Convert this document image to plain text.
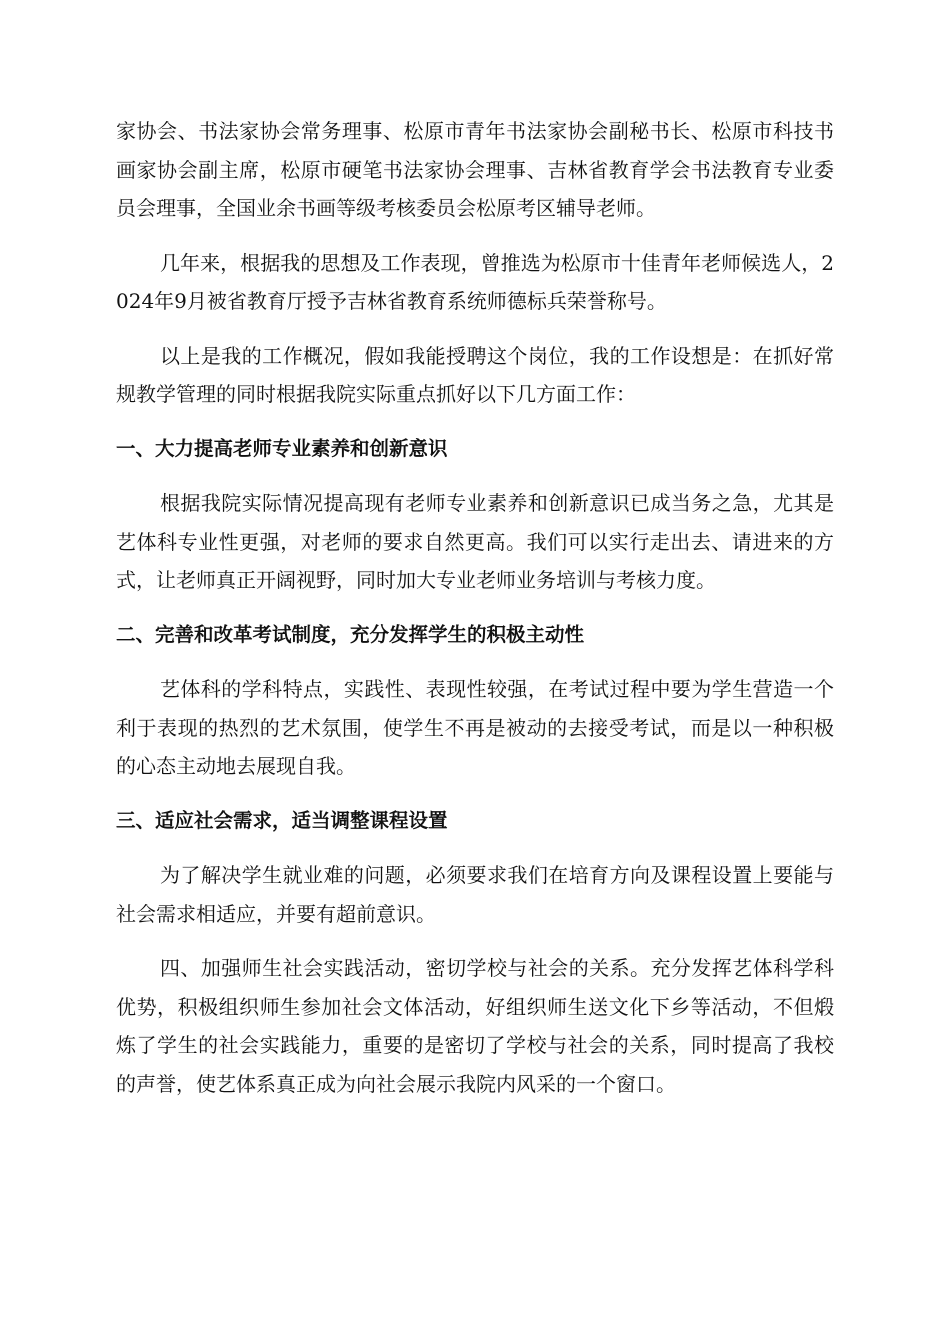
家协会、书法家协会常务理事、松原市青年书法家协会副秘书长、松原市科技书画家协会副主席，松原市硬笔书法家协会理事、吉林省教育学会书法教育专业委员会理事，全国业余书画等级考核委员会松原考区辅导老师。

几年来，根据我的思想及工作表现，曾推选为松原市十佳青年老师候选人，2024年9月被省教育厅授予吉林省教育系统师德标兵荣誉称号。

以上是我的工作概况，假如我能授聘这个岗位，我的工作设想是：在抓好常规教学管理的同时根据我院实际重点抓好以下几方面工作：

一、大力提高老师专业素养和创新意识

根据我院实际情况提高现有老师专业素养和创新意识已成当务之急，尤其是艺体科专业性更强，对老师的要求自然更高。我们可以实行走出去、请进来的方式，让老师真正开阔视野，同时加大专业老师业务培训与考核力度。

二、完善和改革考试制度，充分发挥学生的积极主动性

艺体科的学科特点，实践性、表现性较强，在考试过程中要为学生营造一个利于表现的热烈的艺术氛围，使学生不再是被动的去接受考试，而是以一种积极的心态主动地去展现自我。

三、适应社会需求，适当调整课程设置

为了解决学生就业难的问题，必须要求我们在培育方向及课程设置上要能与社会需求相适应，并要有超前意识。

四、加强师生社会实践活动，密切学校与社会的关系。充分发挥艺体科学科优势，积极组织师生参加社会文体活动，好组织师生送文化下乡等活动，不但煅炼了学生的社会实践能力，重要的是密切了学校与社会的关系，同时提高了我校的声誉，使艺体系真正成为向社会展示我院内风采的一个窗口。
